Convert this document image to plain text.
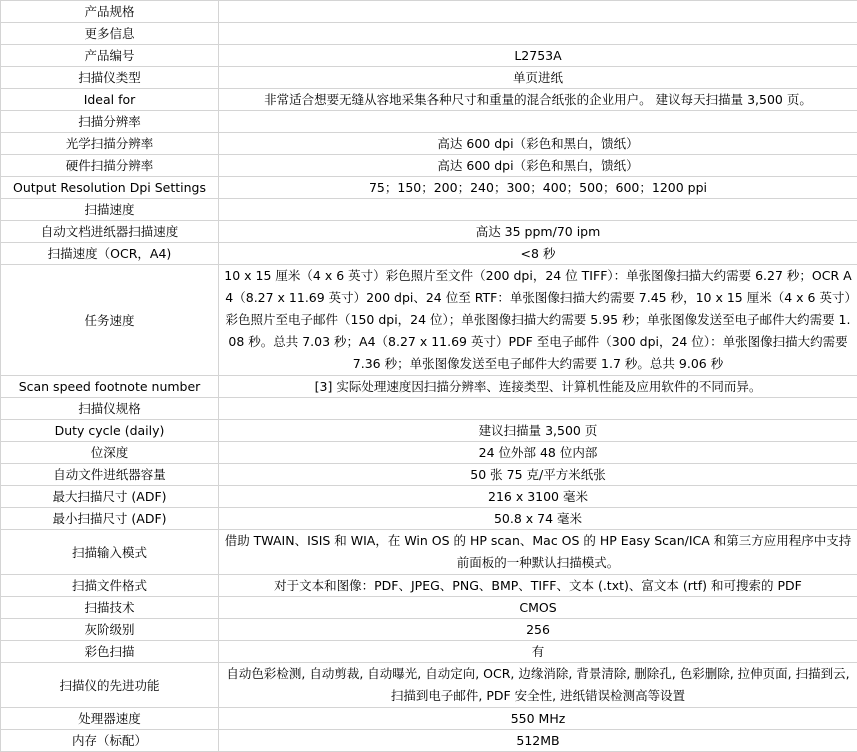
产品规格	
更多信息	
产品编号	L2753A
扫描仪类型	单页进纸
Ideal for	非常适合想要无缝从容地采集各种尺寸和重量的混合纸张的企业用户。 建议每天扫描量 3,500 页。
扫描分辨率	
光学扫描分辨率	高达 600 dpi（彩色和黑白，馈纸）
硬件扫描分辨率	高达 600 dpi（彩色和黑白，馈纸）
Output Resolution Dpi Settings	75；150；200；240；300；400；500；600；1200 ppi
扫描速度	
自动文档进纸器扫描速度	高达 35 ppm/70 ipm
扫描速度（OCR，A4)	<8 秒
任务速度	10 x 15 厘米（4 x 6 英寸）彩色照片至文件（200 dpi，24 位 TIFF）：单张图像扫描大约需要 6.27 秒；OCR A4（8.27 x 11.69 英寸）200 dpi、24 位至 RTF：单张图像扫描大约需要 7.45 秒，10 x 15 厘米（4 x 6 英寸）彩色照片至电子邮件（150 dpi，24 位）；单张图像扫描大约需要 5.95 秒；单张图像发送至电子邮件大约需要 1.08 秒。总共 7.03 秒；A4（8.27 x 11.69 英寸）PDF 至电子邮件（300 dpi，24 位）：单张图像扫描大约需要 7.36 秒；单张图像发送至电子邮件大约需要 1.7 秒。总共 9.06 秒
Scan speed footnote number	[3] 实际处理速度因扫描分辨率、连接类型、计算机性能及应用软件的不同而异。
扫描仪规格	
Duty cycle (daily)	建议扫描量 3,500 页
位深度	24 位外部 48 位内部
自动文件进纸器容量	50 张 75 克/平方米纸张
最大扫描尺寸 (ADF)	216 x 3100 毫米
最小扫描尺寸 (ADF)	50.8 x 74 毫米
扫描输入模式	借助 TWAIN、ISIS 和 WIA，在 Win OS 的 HP scan、Mac OS 的 HP Easy Scan/ICA 和第三方应用程序中支持前面板的一种默认扫描模式。
扫描文件格式	对于文本和图像：PDF、JPEG、PNG、BMP、TIFF、文本 (.txt)、富文本 (rtf) 和可搜索的 PDF
扫描技术	CMOS
灰阶级别	256
彩色扫描	有
扫描仪的先进功能	自动色彩检测, 自动剪裁, 自动曝光, 自动定向, OCR, 边缘消除, 背景清除, 删除孔, 色彩删除, 拉伸页面, 扫描到云, 扫描到电子邮件, PDF 安全性, 进纸错误检测高等设置
处理器速度	550 MHz
内存（标配）	512MB
